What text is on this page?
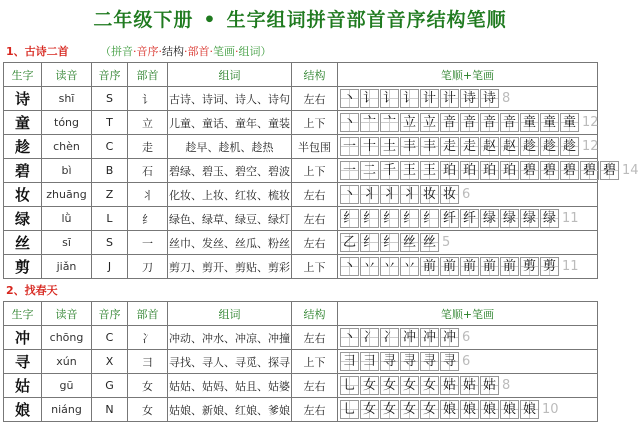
二年级下册 • 生字组词拼音部首音序结构笔顺
1、古诗二首	（拼音·音序·结构·部首·笔画·组词）
生字	读音	音序	部首	组词	结构	笔顺+笔画
诗	shī	S	讠	古诗、诗词、诗人、诗句	左右	丶 讠 讠 讠 计 计 诗 诗 8
童	tóng	T	立	儿童、童话、童年、童装	上下	丶 亠 亠 立 立 音 音 音 音 童 童 童 12
趁	chèn	C	走	趁早、趁机、趁热	半包围	一 十 土 丰 丰 走 走 赵 赵 趁 趁 趁 12
碧	bì	B	石	碧绿、碧玉、碧空、碧波	上下	一 二 千 王 王 珀 珀 珀 珀 碧 碧 碧 碧 碧 14
妆	zhuāng	Z	丬	化妆、上妆、红妆、梳妆	左右	丶 丬 丬 丬 妆 妆 6
绿	lǜ	L	纟	绿色、绿草、绿豆、绿灯	左右	纟 纟 纟 纟 纟 纤 纤 绿 绿 绿 绿 11
丝	sī	S	一	丝巾、发丝、丝瓜、粉丝	左右	乙 纟 纟 丝 丝 5
剪	jiǎn	J	刀	剪刀、剪开、剪贴、剪彩	上下	丶 丷 丷 丷 前 前 前 前 前 剪 剪 11
2、找春天
生字	读音	音序	部首	组词	结构	笔顺+笔画
冲	chōng	C	冫	冲动、冲水、冲凉、冲撞	左右	丶 冫 冫 冲 冲 冲 6
寻	xún	X	彐	寻找、寻人、寻觅、探寻	上下	彐 彐 寻 寻 寻 寻 6
姑	gū	G	女	姑姑、姑妈、姑且、姑婆	左右	乚 女 女 女 女 姑 姑 姑 8
娘	niáng	N	女	姑娘、新娘、红娘、爹娘	左右	乚 女 女 女 女 娘 娘 娘 娘 娘 10
